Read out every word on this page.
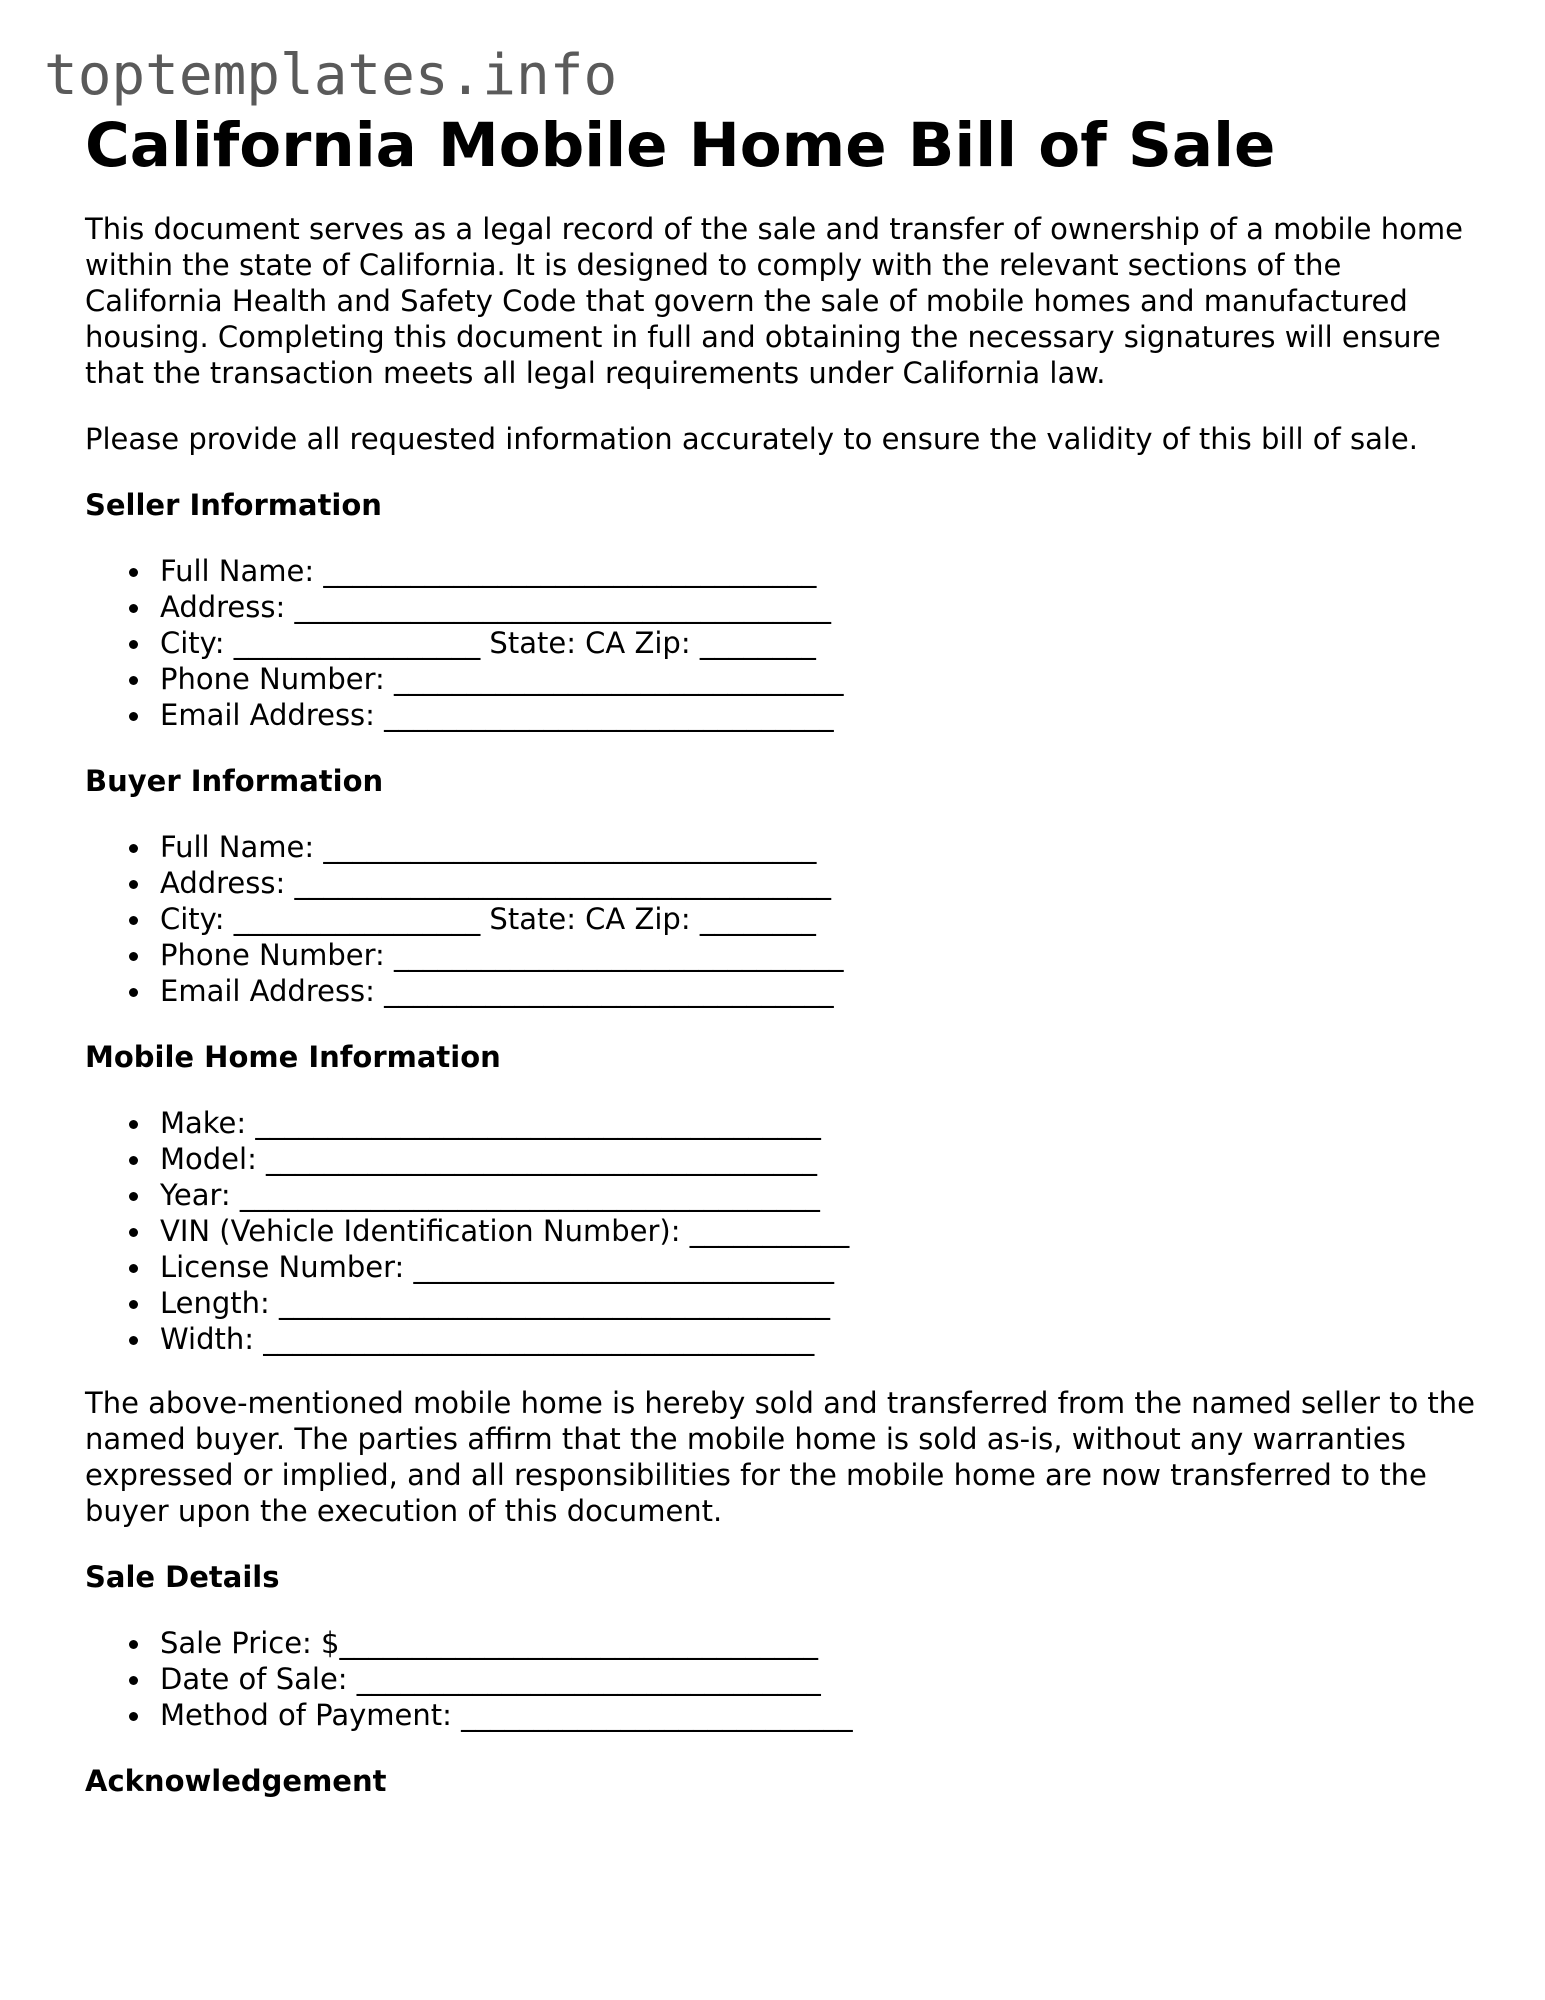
toptemplates.info
California Mobile Home Bill of Sale

This document serves as a legal record of the sale and transfer of ownership of a mobile home within the state of California. It is designed to comply with the relevant sections of the California Health and Safety Code that govern the sale of mobile homes and manufactured housing. Completing this document in full and obtaining the necessary signatures will ensure that the transaction meets all legal requirements under California law.

Please provide all requested information accurately to ensure the validity of this bill of sale.

Seller Information
Full Name: __________________________________
Address: _____________________________________
City: _________________ State: CA Zip: ________
Phone Number: _______________________________
Email Address: _______________________________
Buyer Information
Full Name: __________________________________
Address: _____________________________________
City: _________________ State: CA Zip: ________
Phone Number: _______________________________
Email Address: _______________________________
Mobile Home Information
Make: _______________________________________
Model: ______________________________________
Year: ________________________________________
VIN (Vehicle Identification Number): ___________
License Number: _____________________________
Length: ______________________________________
Width: ______________________________________

The above-mentioned mobile home is hereby sold and transferred from the named seller to the named buyer. The parties affirm that the mobile home is sold as-is, without any warranties expressed or implied, and all responsibilities for the mobile home are now transferred to the buyer upon the execution of this document.

Sale Details
Sale Price: $_________________________________
Date of Sale: ________________________________
Method of Payment: ___________________________
Acknowledgement
